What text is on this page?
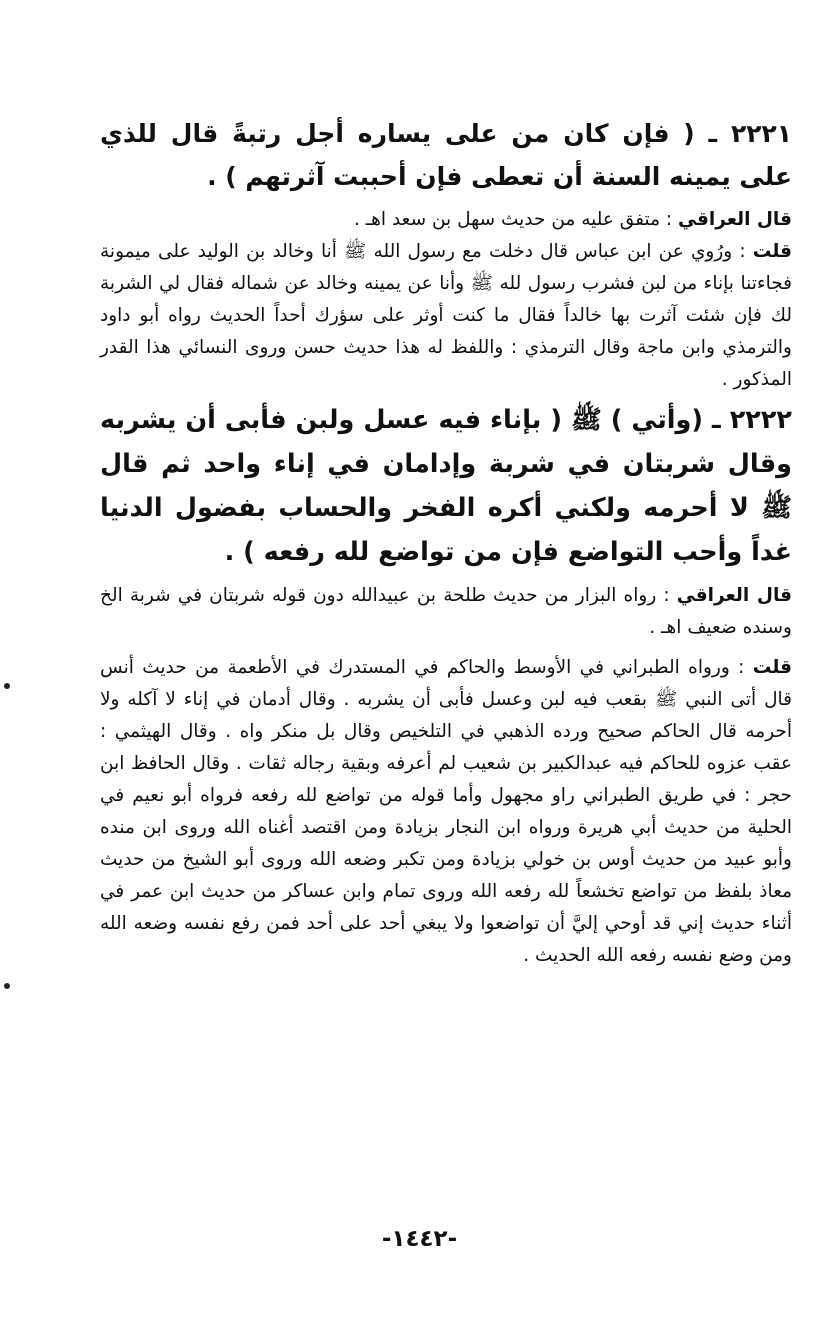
٢٢٢١ ـ ( فإن كان من على يساره أجل رتبةً قال للذي على يمينه السنة أن تعطى فإن أحببت آثرتهم ) .

قال العراقي : متفق عليه من حديث سهل بن سعد اهـ .

قلت : ورُوي عن ابن عباس قال دخلت مع رسول الله ﷺ أنا وخالد بن الوليد على ميمونة فجاءتنا بإناء من لبن فشرب رسول لله ﷺ وأنا عن يمينه وخالد عن شماله فقال لي الشربة لك فإن شئت آثرت بها خالداً فقال ما كنت أوثر على سؤرك أحداً الحديث رواه أبو داود والترمذي وابن ماجة وقال الترمذي : واللفظ له هذا حديث حسن وروى النسائي هذا القدر المذكور .

٢٢٢٢ ـ (وأتي ) ﷺ ( بإناء فيه عسل ولبن فأبى أن يشربه وقال شربتان في شربة وإدامان في إناء واحد ثم قال ﷺ لا أحرمه ولكني أكره الفخر والحساب بفضول الدنيا غداً وأحب التواضع فإن من تواضع لله رفعه ) .

قال العراقي : رواه البزار من حديث طلحة بن عبيدالله دون قوله شربتان في شربة الخ وسنده ضعيف اهـ .

قلت : ورواه الطبراني في الأوسط والحاكم في المستدرك في الأطعمة من حديث أنس قال أتى النبي ﷺ بقعب فيه لبن وعسل فأبى أن يشربه . وقال أدمان في إناء لا آكله ولا أحرمه قال الحاكم صحيح ورده الذهبي في التلخيص وقال بل منكر واه . وقال الهيثمي : عقب عزوه للحاكم فيه عبدالكبير بن شعيب لم أعرفه وبقية رجاله ثقات . وقال الحافظ ابن حجر : في طريق الطبراني راو مجهول وأما قوله من تواضع لله رفعه فرواه أبو نعيم في الحلية من حديث أبي هريرة ورواه ابن النجار بزيادة ومن اقتصد أغناه الله وروى ابن منده وأبو عبيد من حديث أوس بن خولي بزيادة ومن تكبر وضعه الله وروى أبو الشيخ من حديث معاذ بلفظ من تواضع تخشعاً لله رفعه الله وروى تمام وابن عساكر من حديث ابن عمر في أثناء حديث إني قد أوحي إليَّ أن تواضعوا ولا يبغي أحد على أحد فمن رفع نفسه وضعه الله ومن وضع نفسه رفعه الله الحديث .

-١٤٤٢-
